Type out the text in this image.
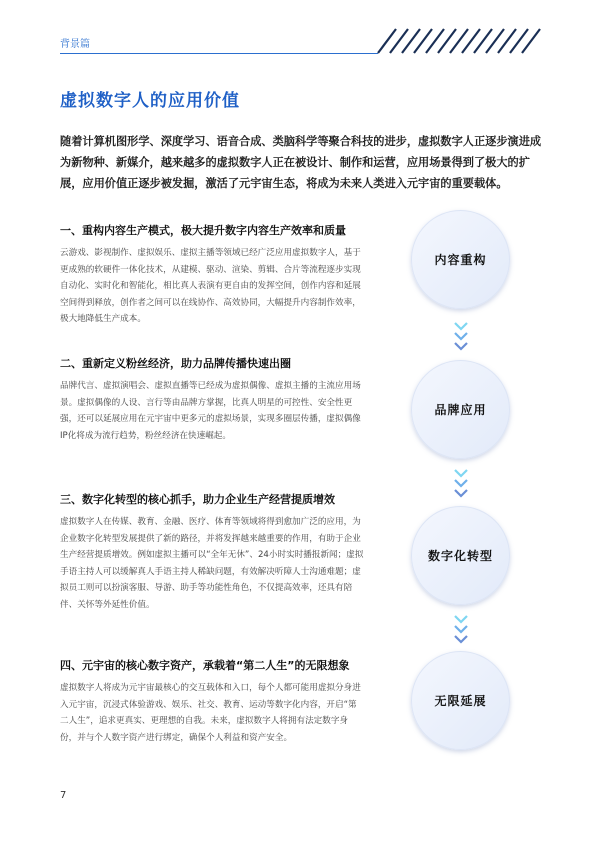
背景篇
虚拟数字人的应用价值

随着计算机图形学、深度学习、语音合成、类脑科学等聚合科技的进步，虚拟数字人正逐步演进成为新物种、新媒介，越来越多的虚拟数字人正在被设计、制作和运营，应用场景得到了极大的扩展，应用价值正逐步被发掘，激活了元宇宙生态，将成为未来人类进入元宇宙的重要载体。

一、重构内容生产模式，极大提升数字内容生产效率和质量

云游戏、影视制作、虚拟娱乐、虚拟主播等领域已经广泛应用虚拟数字人，基于更成熟的软硬件一体化技术，从建模、驱动、渲染、剪辑、合片等流程逐步实现自动化、实时化和智能化，相比真人表演有更自由的发挥空间，创作内容和延展空间得到释放，创作者之间可以在线协作、高效协同，大幅提升内容制作效率，极大地降低生产成本。

二、重新定义粉丝经济，助力品牌传播快速出圈

品牌代言、虚拟演唱会、虚拟直播等已经成为虚拟偶像、虚拟主播的主流应用场景。虚拟偶像的人设、言行等由品牌方掌握，比真人明星的可控性、安全性更强，还可以延展应用在元宇宙中更多元的虚拟场景，实现多圈层传播，虚拟偶像IP化将成为流行趋势，粉丝经济在快速崛起。

三、数字化转型的核心抓手，助力企业生产经营提质增效

虚拟数字人在传媒、教育、金融、医疗、体育等领域将得到愈加广泛的应用，为企业数字化转型发展提供了新的路径，并将发挥越来越重要的作用，有助于企业生产经营提质增效。例如虚拟主播可以“全年无休”、24小时实时播报新闻；虚拟手语主持人可以缓解真人手语主持人稀缺问题，有效解决听障人士沟通难题；虚拟员工则可以扮演客服、导游、助手等功能性角色，不仅提高效率，还具有陪伴、关怀等外延性价值。

四、元宇宙的核心数字资产，承载着“第二人生”的无限想象

虚拟数字人将成为元宇宙最核心的交互载体和入口，每个人都可能用虚拟分身进入元宇宙，沉浸式体验游戏、娱乐、社交、教育、运动等数字化内容，开启“第二人生”，追求更真实、更理想的自我。未来，虚拟数字人将拥有法定数字身份，并与个人数字资产进行绑定，确保个人利益和资产安全。

内容重构
品牌应用
数字化转型
无限延展
7
